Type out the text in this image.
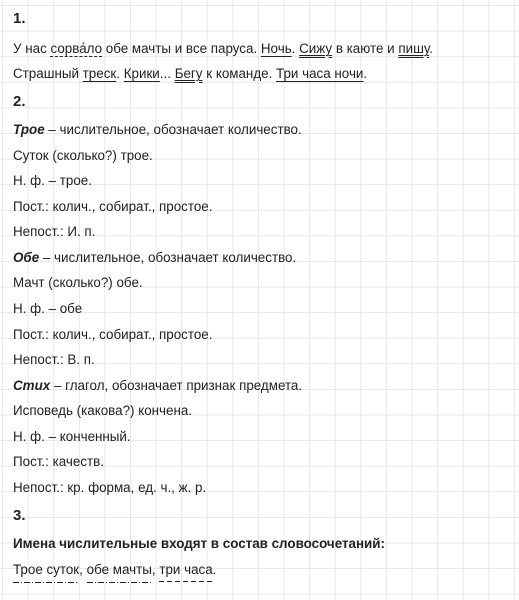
1.
У нас сорва́ло обе мачты и все паруса. Ночь. Сижу в каюте и пишу.
Страшный треск. Крики... Бегу к команде. Три часа ночи.
2.
Трое – числительное, обозначает количество.
Суток (сколько?) трое.
Н. ф. – трое.
Пост.: колич., собират., простое.
Непост.: И. п.
Обе – числительное, обозначает количество.
Мачт (сколько?) обе.
Н. ф. – обе
Пост.: колич., собират., простое.
Непост.: В. п.
Стих – глагол, обозначает признак предмета.
Исповедь (какова?) кончена.
Н. ф. – конченный.
Пост.: качеств.
Непост.: кр. форма, ед. ч., ж. р.
3.
Имена числительные входят в состав словосочетаний:
Трое суток, обе мачты, три часа.
